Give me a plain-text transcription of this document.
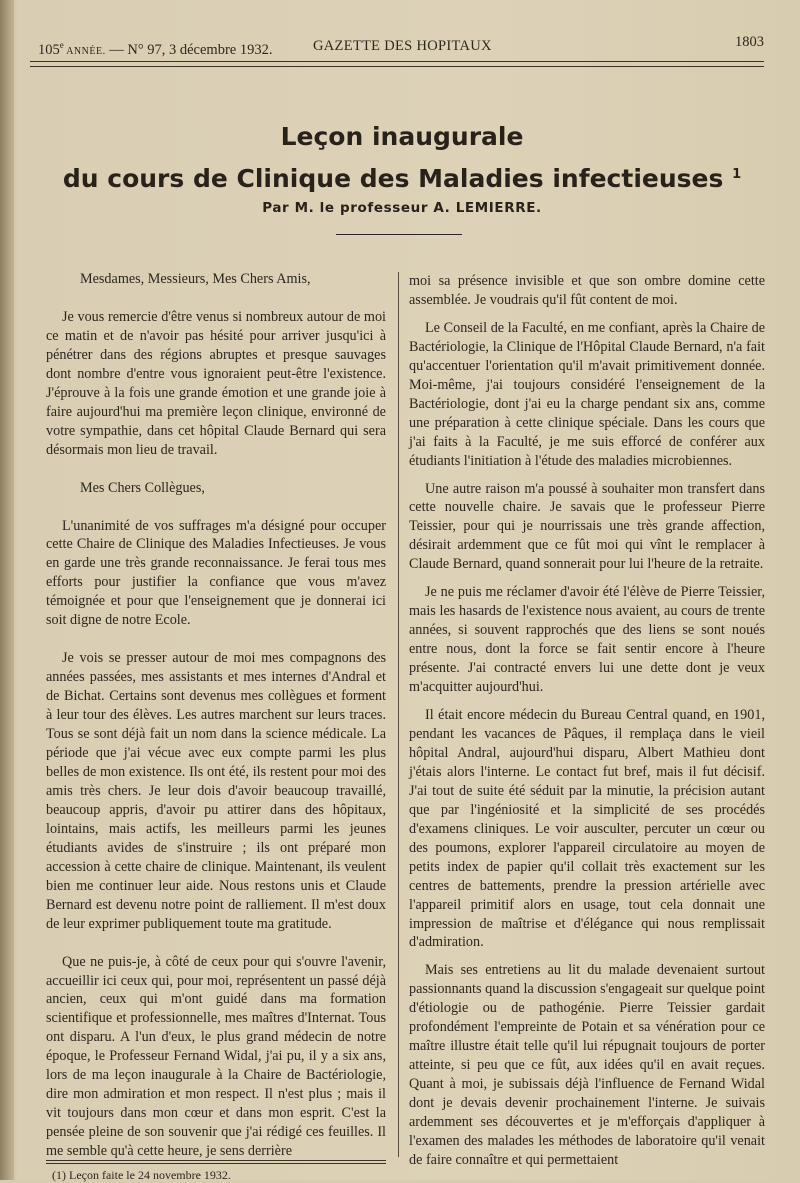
105e ANNÉE. — N° 97, 3 décembre 1932.	GAZETTE DES HOPITAUX	1803
Leçon inaugurale
du cours de Clinique des Maladies infectieuses $^1$
Par M. le professeur A. LEMIERRE.

Mesdames, Messieurs, Mes Chers Amis,

Je vous remercie d'être venus si nombreux autour de moi ce matin et de n'avoir pas hésité pour arriver jusqu'ici à pénétrer dans des régions abruptes et presque sauvages dont nombre d'entre vous ignoraient peut-être l'existence. J'éprouve à la fois une grande émotion et une grande joie à faire aujourd'hui ma première leçon clinique, environné de votre sympathie, dans cet hôpital Claude Bernard qui sera désormais mon lieu de travail.

Mes Chers Collègues,

L'unanimité de vos suffrages m'a désigné pour occuper cette Chaire de Clinique des Maladies Infectieuses. Je vous en garde une très grande reconnaissance. Je ferai tous mes efforts pour justifier la confiance que vous m'avez témoignée et pour que l'enseignement que je donnerai ici soit digne de notre Ecole.

Je vois se presser autour de moi mes compagnons des années passées, mes assistants et mes internes d'Andral et de Bichat. Certains sont devenus mes collègues et forment à leur tour des élèves. Les autres marchent sur leurs traces. Tous se sont déjà fait un nom dans la science médicale. La période que j'ai vécue avec eux compte parmi les plus belles de mon existence. Ils ont été, ils restent pour moi des amis très chers. Je leur dois d'avoir beaucoup travaillé, beaucoup appris, d'avoir pu attirer dans des hôpitaux, lointains, mais actifs, les meilleurs parmi les jeunes étudiants avides de s'instruire ; ils ont préparé mon accession à cette chaire de clinique. Maintenant, ils veulent bien me continuer leur aide. Nous restons unis et Claude Bernard est devenu notre point de ralliement. Il m'est doux de leur exprimer publiquement toute ma gratitude.

Que ne puis-je, à côté de ceux pour qui s'ouvre l'avenir, accueillir ici ceux qui, pour moi, représentent un passé déjà ancien, ceux qui m'ont guidé dans ma formation scientifique et professionnelle, mes maîtres d'Internat. Tous ont disparu. A l'un d'eux, le plus grand médecin de notre époque, le Professeur Fernand Widal, j'ai pu, il y a six ans, lors de ma leçon inaugurale à la Chaire de Bactériologie, dire mon admiration et mon respect. Il n'est plus ; mais il vit toujours dans mon cœur et dans mon esprit. C'est la pensée pleine de son souvenir que j'ai rédigé ces feuilles. Il me semble qu'à cette heure, je sens derrière

moi sa présence invisible et que son ombre domine cette assemblée. Je voudrais qu'il fût content de moi.

Le Conseil de la Faculté, en me confiant, après la Chaire de Bactériologie, la Clinique de l'Hôpital Claude Bernard, n'a fait qu'accentuer l'orientation qu'il m'avait primitivement donnée. Moi-même, j'ai toujours considéré l'enseignement de la Bactériologie, dont j'ai eu la charge pendant six ans, comme une préparation à cette clinique spéciale. Dans les cours que j'ai faits à la Faculté, je me suis efforcé de conférer aux étudiants l'initiation à l'étude des maladies microbiennes.

Une autre raison m'a poussé à souhaiter mon transfert dans cette nouvelle chaire. Je savais que le professeur Pierre Teissier, pour qui je nourrissais une très grande affection, désirait ardemment que ce fût moi qui vînt le remplacer à Claude Bernard, quand sonnerait pour lui l'heure de la retraite.

Je ne puis me réclamer d'avoir été l'élève de Pierre Teissier, mais les hasards de l'existence nous avaient, au cours de trente années, si souvent rapprochés que des liens se sont noués entre nous, dont la force se fait sentir encore à l'heure présente. J'ai contracté envers lui une dette dont je veux m'acquitter aujourd'hui.

Il était encore médecin du Bureau Central quand, en 1901, pendant les vacances de Pâques, il remplaça dans le vieil hôpital Andral, aujourd'hui disparu, Albert Mathieu dont j'étais alors l'interne. Le contact fut bref, mais il fut décisif. J'ai tout de suite été séduit par la minutie, la précision autant que par l'ingéniosité et la simplicité de ses procédés d'examens cliniques. Le voir ausculter, percuter un cœur ou des poumons, explorer l'appareil circulatoire au moyen de petits index de papier qu'il collait très exactement sur les centres de battements, prendre la pression artérielle avec l'appareil primitif alors en usage, tout cela donnait une impression de maîtrise et d'élégance qui nous remplissait d'admiration.

Mais ses entretiens au lit du malade devenaient surtout passionnants quand la discussion s'engageait sur quelque point d'étiologie ou de pathogénie. Pierre Teissier gardait profondément l'empreinte de Potain et sa vénération pour ce maître illustre était telle qu'il lui répugnait toujours de porter atteinte, si peu que ce fût, aux idées qu'il en avait reçues. Quant à moi, je subissais déjà l'influence de Fernand Widal dont je devais devenir prochainement l'interne. Je suivais ardemment ses découvertes et je m'efforçais d'appliquer à l'examen des malades les méthodes de laboratoire qu'il venait de faire connaître et qui permettaient

(1) Leçon faite le 24 novembre 1932.
